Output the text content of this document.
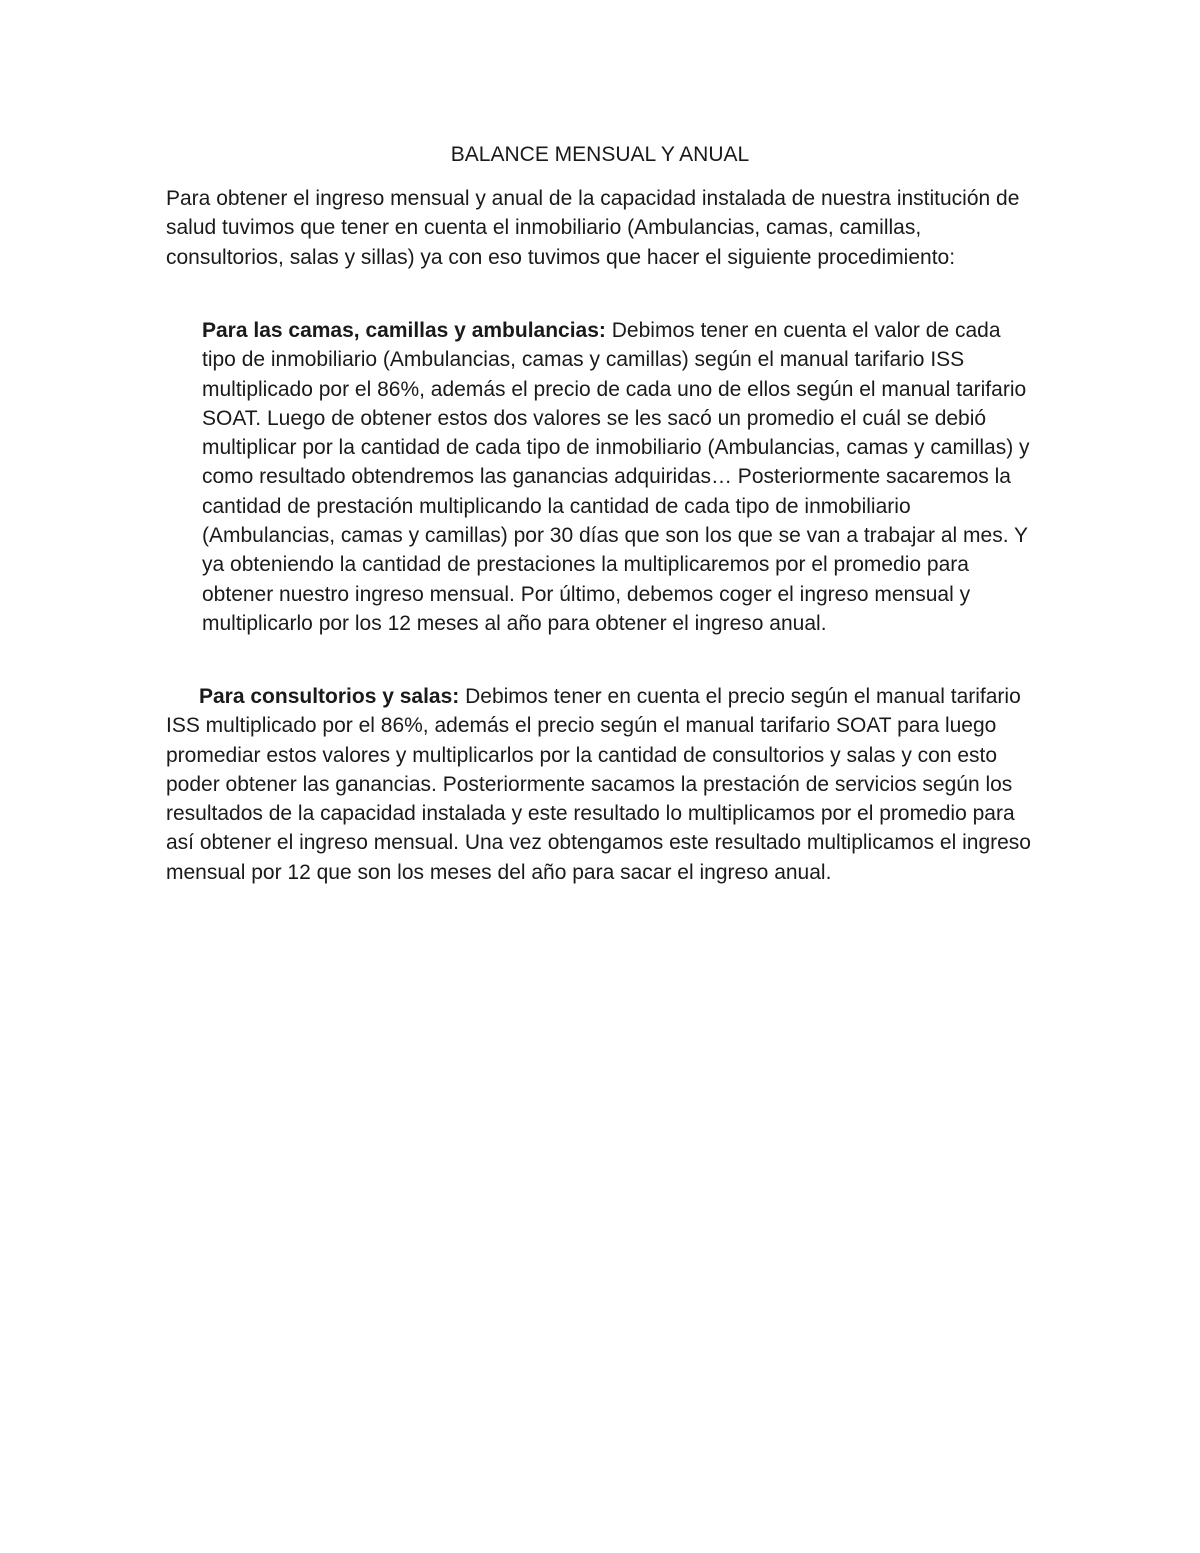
BALANCE MENSUAL Y ANUAL

Para obtener el ingreso mensual y anual de la capacidad instalada de nuestra institución de salud tuvimos que tener en cuenta el inmobiliario (Ambulancias, camas, camillas, consultorios, salas y sillas) ya con eso tuvimos que hacer el siguiente procedimiento:

Para las camas, camillas y ambulancias: Debimos tener en cuenta el valor de cada tipo de inmobiliario (Ambulancias, camas y camillas) según el manual tarifario ISS multiplicado por el 86%, además el precio de cada uno de ellos según el manual tarifario SOAT. Luego de obtener estos dos valores se les sacó un promedio el cuál se debió multiplicar por la cantidad de cada tipo de inmobiliario (Ambulancias, camas y camillas) y como resultado obtendremos las ganancias adquiridas… Posteriormente sacaremos la cantidad de prestación multiplicando la cantidad de cada tipo de inmobiliario (Ambulancias, camas y camillas) por 30 días que son los que se van a trabajar al mes. Y ya obteniendo la cantidad de prestaciones la multiplicaremos por el promedio para obtener nuestro ingreso mensual. Por último, debemos coger el ingreso mensual y multiplicarlo por los 12 meses al año para obtener el ingreso anual.

Para consultorios y salas: Debimos tener en cuenta el precio según el manual tarifario ISS multiplicado por el 86%, además el precio según el manual tarifario SOAT para luego promediar estos valores y multiplicarlos por la cantidad de consultorios y salas y con esto poder obtener las ganancias. Posteriormente sacamos la prestación de servicios según los resultados de la capacidad instalada y este resultado lo multiplicamos por el promedio para así obtener el ingreso mensual. Una vez obtengamos este resultado multiplicamos el ingreso mensual por 12 que son los meses del año para sacar el ingreso anual.
